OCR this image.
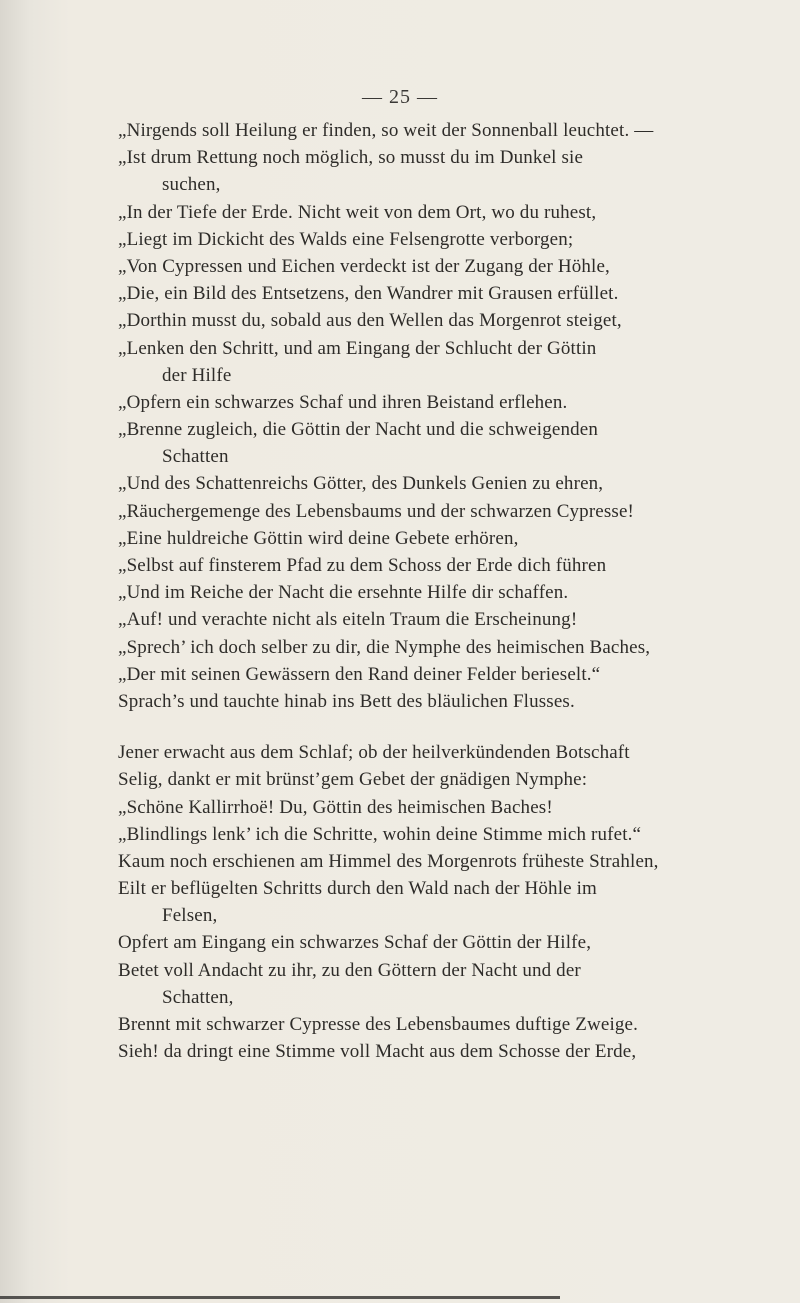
— 25 —
„Nirgends soll Heilung er finden, so weit der Sonnenball leuchtet. —
„Ist drum Rettung noch möglich, so musst du im Dunkel sie
suchen,
„In der Tiefe der Erde. Nicht weit von dem Ort, wo du ruhest,
„Liegt im Dickicht des Walds eine Felsengrotte verborgen;
„Von Cypressen und Eichen verdeckt ist der Zugang der Höhle,
„Die, ein Bild des Entsetzens, den Wandrer mit Grausen erfüllet.
„Dorthin musst du, sobald aus den Wellen das Morgenrot steiget,
„Lenken den Schritt, und am Eingang der Schlucht der Göttin
der Hilfe
„Opfern ein schwarzes Schaf und ihren Beistand erflehen.
„Brenne zugleich, die Göttin der Nacht und die schweigenden
Schatten
„Und des Schattenreichs Götter, des Dunkels Genien zu ehren,
„Räuchergemenge des Lebensbaums und der schwarzen Cypresse!
„Eine huldreiche Göttin wird deine Gebete erhören,
„Selbst auf finsterem Pfad zu dem Schoss der Erde dich führen
„Und im Reiche der Nacht die ersehnte Hilfe dir schaffen.
„Auf! und verachte nicht als eiteln Traum die Erscheinung!
„Sprech’ ich doch selber zu dir, die Nymphe des heimischen Baches,
„Der mit seinen Gewässern den Rand deiner Felder berieselt.“
Sprach’s und tauchte hinab ins Bett des bläulichen Flusses.
Jener erwacht aus dem Schlaf; ob der heilverkündenden Botschaft
Selig, dankt er mit brünst’gem Gebet der gnädigen Nymphe:
„Schöne Kallirrhoë! Du, Göttin des heimischen Baches!
„Blindlings lenk’ ich die Schritte, wohin deine Stimme mich rufet.“
Kaum noch erschienen am Himmel des Morgenrots früheste Strahlen,
Eilt er beflügelten Schritts durch den Wald nach der Höhle im
Felsen,
Opfert am Eingang ein schwarzes Schaf der Göttin der Hilfe,
Betet voll Andacht zu ihr, zu den Göttern der Nacht und der
Schatten,
Brennt mit schwarzer Cypresse des Lebensbaumes duftige Zweige.
Sieh! da dringt eine Stimme voll Macht aus dem Schosse der Erde,
